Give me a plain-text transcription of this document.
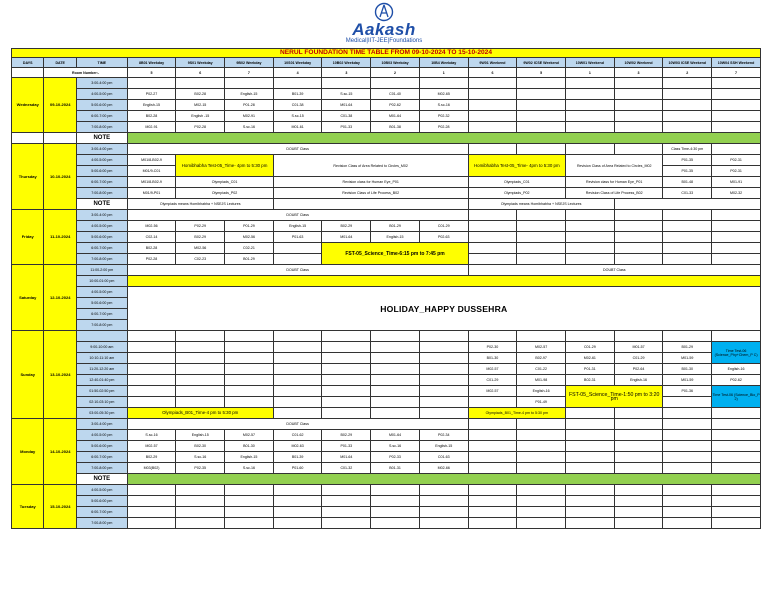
Aakash
Medical|IIT-JEE|Foundations
NERUL FOUNDATION TIME TABLE FROM 09-10-2024 TO 15-10-2024															
DAYS	DATE	TIME	8B01 Weekday	9S01 Weekday	9B02 Weekday	10S01 Weekday	10B02 Weekday	10B03 Weekday	10B4 Weekday	9W01 Weekend	9W02 ICSE Weekend	10W01 Weekend	10W02 Weekend	10W03 ICSE Weekend	10W04 SSH Weekend
	Room Number:-		5	6	7	4	3	2	1	6	5	1	3	2	7
Wednesday	09-10-2024	3:00-4:00 pm													
		4:00-5:00 pm	P02-27	B02-28	English-15	B01-39	S.sc-15	C01-40	M02-65						
		5:00-6:00 pm	English-15	M02-15	P01-28	C01-38	M01-64	P02-62	S.sc-16						
		6:00-7:00 pm	B02-28	English -15	M02-91	S.sc-15	C01-38	M01-64	P02-32						
		7:00-8:00 pm	M02-91	P02-28	S.sc-16	M01-61	P01-33	B01-38	P02-28						
		NOTE													
Thursday	10-10-2024	3:00-4:00 pm	DOUBT Class											Class Time-4:30 pm	
		4:00-5:00 pm	M01/8-B02-9	Homibhabha Test-05_Time- 4pm to 5:30 pm		Revision Class of Area Related to Circles_M02				Homibhabha Test-05_Time- 4pm to 5:30 pm		Revision Class of Area Related to Circles_M02		P01-35	P02-31
		5:00-6:00 pm	M01/9-C01											P01-35	P02-31
		6:00-7:00 pm	M01/8-B02-9	Olympiads_C01		Revision class for Human Eye_P01				Olympiads_C01		Revision class for Human Eye_P01		B01-48	M01-91
		7:00-8:00 pm	M01/9-P01	Olympiads_P02		Revision Class of Life Process_B02				Olympiads_P02		Revision Class of Life Process_B02		C01-33	M02-32
		NOTE	Olympiads means Homibhabha + NSEJS Lectures							Olympiads means Homibhabha + NSEJS Lectures					
Friday	11-10-2024	3:00-4:00 pm	DOUBT Class												
		4:00-5:00 pm	M02-56	P02-29	P01-29	English-15	B02-29	B01-29	C01-29						
		5:00-6:00 pm	C02-14	B02-29	M02-56	P01-63	M01-64	English-15	P02-63						
		6:00-7:00 pm	B02-28	M02-56	C02-21		FST-05_Science_Time-6:15 pm to 7:45 pm								
		7:00-8:00 pm	P02-28	C02-23	B01-29										
Saturday	12-10-2024	11:00-2:00 pm	DOUBT Class							DOUBT Class					
		10:00-01:00 pm													
		4:00-5:00 pm	HOLIDAY_HAPPY DUSSEHRA												
		5:00-6:00 pm													
		6:00-7:00 pm													
		7:00-8:00 pm													
Sunday	13-10-2024														
		9:00-10:00 am								P02-30	M02-57	C01-29	M01-57	B01-29	Time Test-06 (Science_Phy+Chem_P C)
		10:10-11:10 am								B01-30	B02-97	M02-61	C01-29	M01-59	
		11:20-12:20 am								M02-57	C01-22	P01-31	P02-64	B01-30	English-16
		12:40-01:40 pm								C01-29	M01-98	B02-31	English-16	M01-59	P02-62
		01:50-02:50 pm								M02-57	English-16	FST-05_Science_Time-1:50 pm to 3:20 pm		P01-36	Time Test-06 (Science_Bio_P 2)
		02:10-03:10 pm									P01-49				
		03:00-05:30 pm	Olympiads_B01_Time-4 pm to 5:30 pm							Olympiads_B01_Time-4 pm to 5:30 pm					
Monday	14-10-2024	3:00-4:00 pm	DOUBT Class												
		4:00-5:00 pm	S.sc-16	English-15	M02-57	C01-62	B02-29	M01-64	P02-34						
		5:00-6:00 pm	M02-57	B02-30	B01-30	M02-63	P01-33	S.sc-16	English-15						
		6:00-7:00 pm	B02-29	S.sc-16	English-15	B01-39	M01-64	P02-33	C01-63						
		7:00-8:00 pm	M03(B02)	P02-35	S.sc-16	P01-60	C01-32	B01-31	M02-66						
		NOTE													
Tuesday	15-10-2024	4:00-5:00 pm													
		5:00-6:00 pm													
		6:00-7:00 pm													
		7:00-8:00 pm													
